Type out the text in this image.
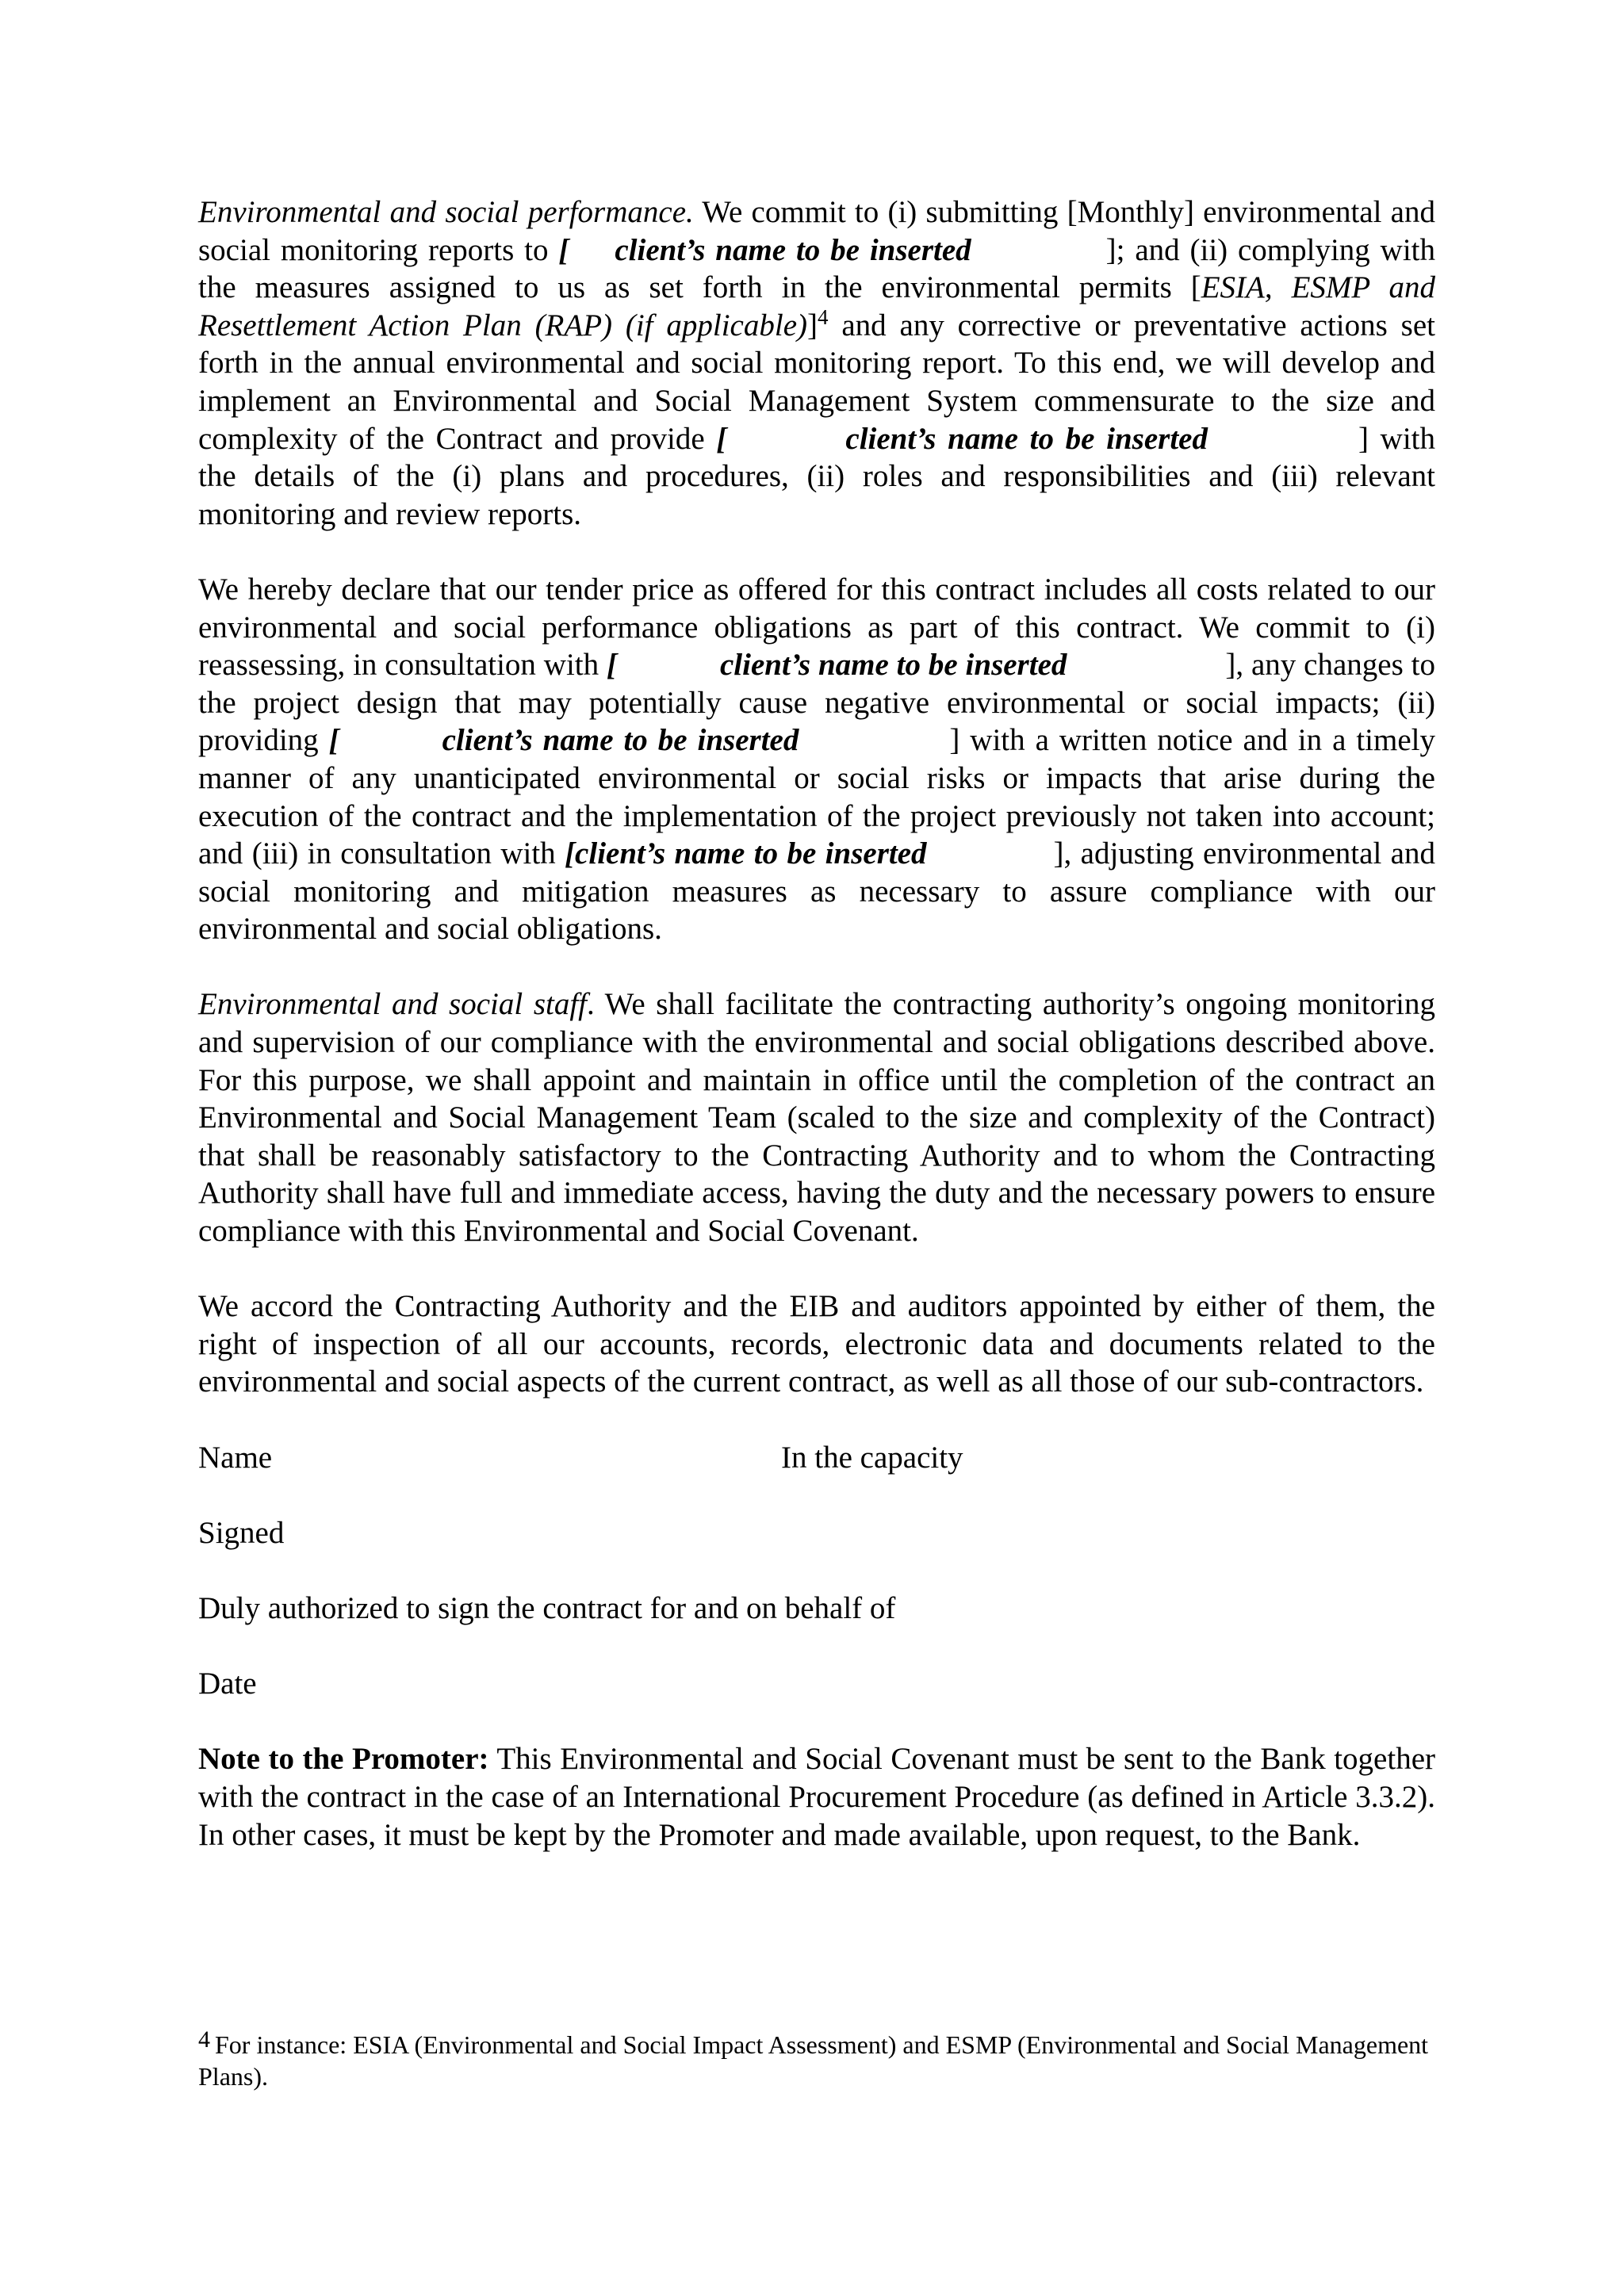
Environmental and social performance. We commit to (i) submitting [Monthly] environmental and social monitoring reports to [ client’s name to be inserted	]; and (ii) complying with the measures assigned to us as set forth in the environmental permits [ESIA, ESMP and Resettlement Action Plan (RAP) (if applicable)]$^4$ and any corrective or preventative actions set forth in the annual environmental and social monitoring report. To this end, we will develop and implement an Environmental and Social Management System commensurate to the size and complexity of the Contract and provide [	client’s name to be inserted	] with the details of the (i) plans and procedures, (ii) roles and responsibilities and (iii) relevant monitoring and review reports.

We hereby declare that our tender price as offered for this contract includes all costs related to our environmental and social performance obligations as part of this contract. We commit to (i) reassessing, in consultation with [	client’s name to be inserted	], any changes to the project design that may potentially cause negative environmental or social impacts; (ii) providing [	client’s name to be inserted	] with a written notice and in a timely manner of any unanticipated environmental or social risks or impacts that arise during the execution of the contract and the implementation of the project previously not taken into account; and (iii) in consultation with [client’s name to be inserted	], adjusting environmental and social monitoring and mitigation measures as necessary to assure compliance with our environmental and social obligations.

Environmental and social staff. We shall facilitate the contracting authority’s ongoing monitoring and supervision of our compliance with the environmental and social obligations described above. For this purpose, we shall appoint and maintain in office until the completion of the contract an Environmental and Social Management Team (scaled to the size and complexity of the Contract) that shall be reasonably satisfactory to the Contracting Authority and to whom the Contracting Authority shall have full and immediate access, having the duty and the necessary powers to ensure compliance with this Environmental and Social Covenant.

We accord the Contracting Authority and the EIB and auditors appointed by either of them, the right of inspection of all our accounts, records, electronic data and documents related to the environmental and social aspects of the current contract, as well as all those of our sub-contractors.

Name	In the capacity

Signed

Duly authorized to sign the contract for and on behalf of

Date

Note to the Promoter: This Environmental and Social Covenant must be sent to the Bank together with the contract in the case of an International Procurement Procedure (as defined in Article 3.3.2). In other cases, it must be kept by the Promoter and made available, upon request, to the Bank.

4 For instance: ESIA (Environmental and Social Impact Assessment) and ESMP (Environmental and Social Management Plans).
